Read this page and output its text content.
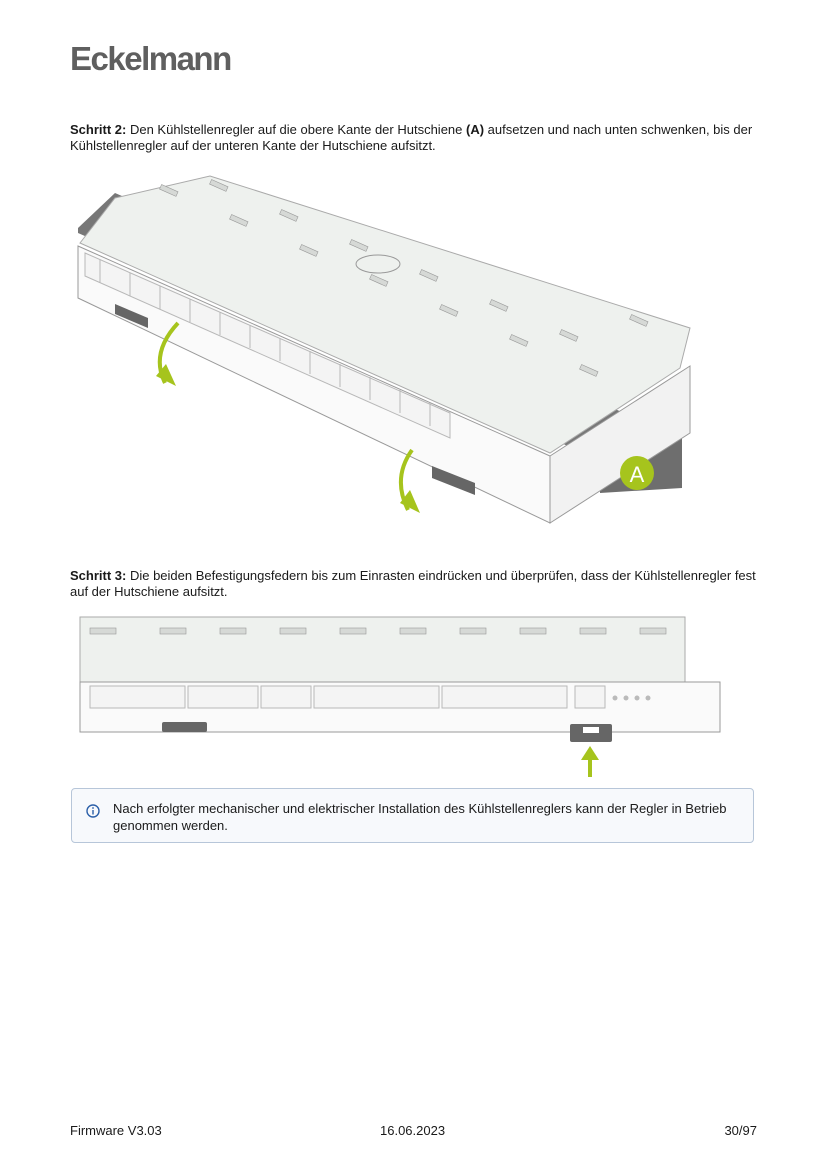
Eckelmann
Schritt 2: Den Kühlstellenregler auf die obere Kante der Hutschiene (A) aufsetzen und nach unten schwenken, bis der Kühlstellenregler auf der unteren Kante der Hutschiene aufsitzt.
A
Schritt 3: Die beiden Befestigungsfedern bis zum Einrasten eindrücken und überprüfen, dass der Kühlstellenregler fest auf der Hutschiene aufsitzt.
Nach erfolgter mechanischer und elektrischer Installation des Kühlstellenreglers kann der Regler in Betrieb genommen werden.
Firmware V3.03	16.06.2023	30/97
